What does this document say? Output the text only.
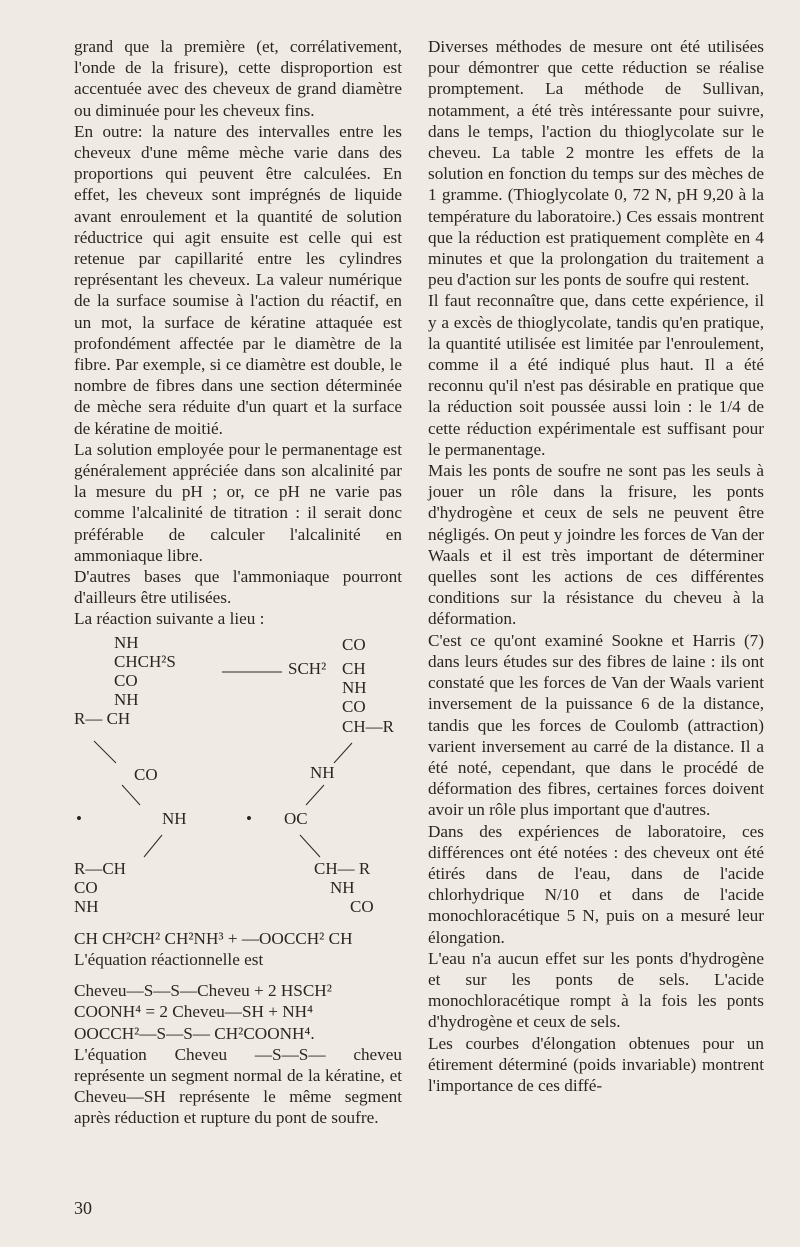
grand que la première (et, corrélativement, l'onde de la frisure), cette disproportion est accentuée avec des cheveux de grand diamètre ou diminuée pour les cheveux fins.

En outre: la nature des intervalles entre les cheveux d'une même mèche varie dans des proportions qui peuvent être calculées. En effet, les cheveux sont imprégnés de liquide avant enroulement et la quantité de solution réductrice qui agit ensuite est celle qui est retenue par capillarité entre les cylindres représentant les cheveux. La valeur numérique de la surface soumise à l'action du réactif, en un mot, la surface de kératine attaquée est profondément affectée par le diamètre de la fibre. Par exemple, si ce diamètre est double, le nombre de fibres dans une section déterminée de mèche sera réduite d'un quart et la surface de kératine de moitié.

La solution employée pour le permanentage est généralement appréciée dans son alcalinité par la mesure du pH ; or, ce pH ne varie pas comme l'alcalinité de titration : il serait donc préférable de calculer l'alcalinité en ammoniaque libre.

D'autres bases que l'ammoniaque pourront d'ailleurs être utilisées.

La réaction suivante a lieu :

NH
CHCH²S
CO
NH
R— CH
CO
SCH² CH
NH
CO
CH—R
CO	NH
•	NH	• OC
R—CH
CO
NH
CH— R
NH
CO

CH CH²CH² CH²NH³ + —OOCCH² CH

L'équation réactionnelle est

Cheveu—S—S—Cheveu + 2 HSCH²

COONH⁴ = 2 Cheveu—SH + NH⁴

OOCCH²—S—S— CH²COONH⁴.

L'équation Cheveu —S—S— cheveu représente un segment normal de la kératine, et Cheveu—SH représente le même segment après réduction et rupture du pont de soufre.

Diverses méthodes de mesure ont été utilisées pour démontrer que cette réduction se réalise promptement. La méthode de Sullivan, notamment, a été très intéressante pour suivre, dans le temps, l'action du thioglycolate sur le cheveu. La table 2 montre les effets de la solution en fonction du temps sur des mèches de 1 gramme. (Thioglycolate 0, 72 N, pH 9,20 à la température du laboratoire.) Ces essais montrent que la réduction est pratiquement complète en 4 minutes et que la prolongation du traitement a peu d'action sur les ponts de soufre qui restent.

Il faut reconnaître que, dans cette expérience, il y a excès de thioglycolate, tandis qu'en pratique, la quantité utilisée est limitée par l'enroulement, comme il a été indiqué plus haut. Il a été reconnu qu'il n'est pas désirable en pratique que la réduction soit poussée aussi loin : le 1/4 de cette réduction expérimentale est suffisant pour le permanentage.

Mais les ponts de soufre ne sont pas les seuls à jouer un rôle dans la frisure, les ponts d'hydrogène et ceux de sels ne peuvent être négligés. On peut y joindre les forces de Van der Waals et il est très important de déterminer quelles sont les actions de ces différentes conditions sur la résistance du cheveu à la déformation.

C'est ce qu'ont examiné Sookne et Harris (7) dans leurs études sur des fibres de laine : ils ont constaté que les forces de Van der Waals varient inversement de la puissance 6 de la distance, tandis que les forces de Coulomb (attraction) varient inversement au carré de la distance. Il a été noté, cependant, que dans le procédé de déformation des fibres, certaines forces doivent avoir un rôle plus important que d'autres.

Dans des expériences de laboratoire, ces différences ont été notées : des cheveux ont été étirés dans de l'eau, dans de l'acide chlorhydrique N/10 et dans de l'acide monochloracétique 5 N, puis on a mesuré leur élongation.

L'eau n'a aucun effet sur les ponts d'hydrogène et sur les ponts de sels. L'acide monochloracétique rompt à la fois les ponts d'hydrogène et ceux de sels.

Les courbes d'élongation obtenues pour un étirement déterminé (poids invariable) montrent l'importance de ces diffé-

30
